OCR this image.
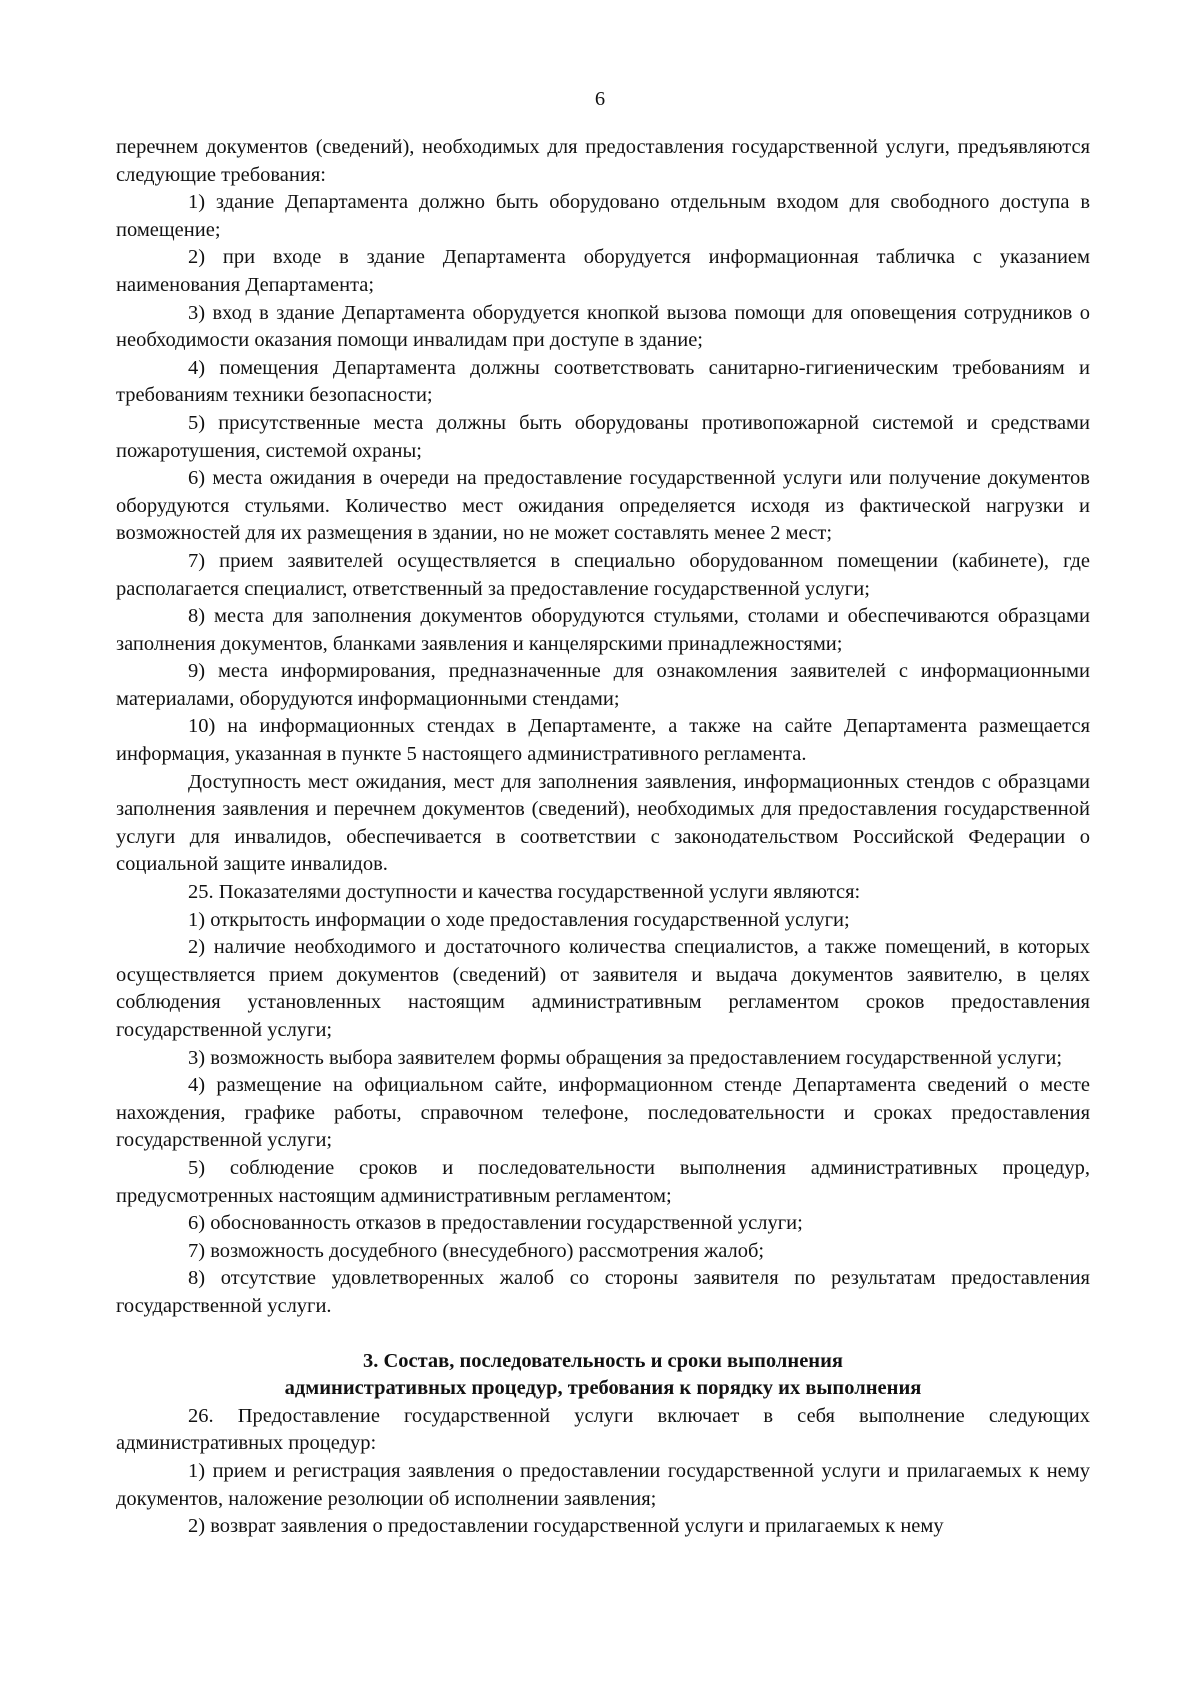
6

перечнем документов (сведений), необходимых для предоставления государственной услуги, предъявляются следующие требования:

1) здание Департамента должно быть оборудовано отдельным входом для свободного доступа в помещение;

2) при входе в здание Департамента оборудуется информационная табличка с указанием наименования Департамента;

3) вход в здание Департамента оборудуется кнопкой вызова помощи для оповещения сотрудников о необходимости оказания помощи инвалидам при доступе в здание;

4) помещения Департамента должны соответствовать санитарно-гигиеническим требованиям и требованиям техники безопасности;

5) присутственные места должны быть оборудованы противопожарной системой и средствами пожаротушения, системой охраны;

6) места ожидания в очереди на предоставление государственной услуги или получение документов оборудуются стульями. Количество мест ожидания определяется исходя из фактической нагрузки и возможностей для их размещения в здании, но не может составлять менее 2 мест;

7) прием заявителей осуществляется в специально оборудованном помещении (кабинете), где располагается специалист, ответственный за предоставление государственной услуги;

8) места для заполнения документов оборудуются стульями, столами и обеспечиваются образцами заполнения документов, бланками заявления и канцелярскими принадлежностями;

9) места информирования, предназначенные для ознакомления заявителей с информационными материалами, оборудуются информационными стендами;

10) на информационных стендах в Департаменте, а также на сайте Департамента размещается информация, указанная в пункте 5 настоящего административного регламента.

Доступность мест ожидания, мест для заполнения заявления, информационных стендов с образцами заполнения заявления и перечнем документов (сведений), необходимых для предоставления государственной услуги для инвалидов, обеспечивается в соответствии с законодательством Российской Федерации о социальной защите инвалидов.

25. Показателями доступности и качества государственной услуги являются:

1) открытость информации о ходе предоставления государственной услуги;

2) наличие необходимого и достаточного количества специалистов, а также помещений, в которых осуществляется прием документов (сведений) от заявителя и выдача документов заявителю, в целях соблюдения установленных настоящим административным регламентом сроков предоставления государственной услуги;

3) возможность выбора заявителем формы обращения за предоставлением государственной услуги;

4) размещение на официальном сайте, информационном стенде Департамента сведений о месте нахождения, графике работы, справочном телефоне, последовательности и сроках предоставления государственной услуги;

5) соблюдение сроков и последовательности выполнения административных процедур, предусмотренных настоящим административным регламентом;

6) обоснованность отказов в предоставлении государственной услуги;

7) возможность досудебного (внесудебного) рассмотрения жалоб;

8) отсутствие удовлетворенных жалоб со стороны заявителя по результатам предоставления государственной услуги.

3. Состав, последовательность и сроки выполнения административных процедур, требования к порядку их выполнения

26. Предоставление государственной услуги включает в себя выполнение следующих административных процедур:

1) прием и регистрация заявления о предоставлении государственной услуги и прилагаемых к нему документов, наложение резолюции об исполнении заявления;

2) возврат заявления о предоставлении государственной услуги и прилагаемых к нему
